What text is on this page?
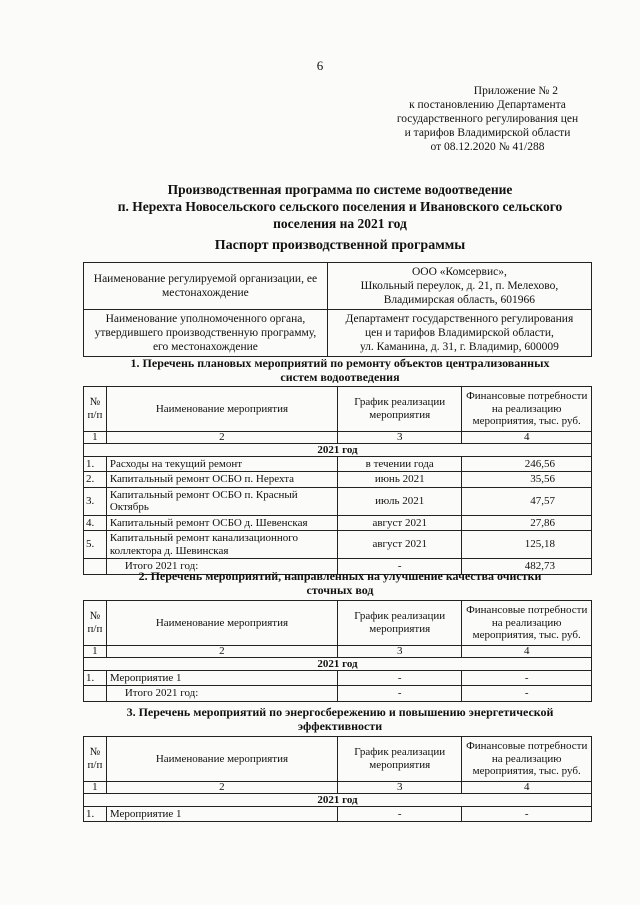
6
Приложение № 2
к постановлению Департамента
государственного регулирования цен
и тарифов Владимирской области
от 08.12.2020 № 41/288
Производственная программа по системе водоотведение
п. Нерехта Новосельского сельского поселения и Ивановского сельского
поселения на 2021 год
Паспорт производственной программы
Наименование регулируемой организации, ее
местонахождение	ООО «Комсервис»,
Школьный переулок, д. 21, п. Мелехово,
Владимирская область, 601966

Наименование уполномоченного органа,
утвердившего производственную программу,
его местонахождение	Департамент государственного регулирования
цен и тарифов Владимирской области,
ул. Каманина, д. 31, г. Владимир, 600009
1. Перечень плановых мероприятий по ремонту объектов централизованных
систем водоотведения
№
п/п	Наименование мероприятия	График реализации
мероприятия	Финансовые потребности
на реализацию
мероприятия, тыс. руб.

1	2	3	4
2021 год			
1.	Расходы на текущий ремонт	в течении года	246,56
2.	Капитальный ремонт ОСБО п. Нерехта	июнь 2021	35,56
3.	Капитальный ремонт ОСБО п. Красный
Октябрь	июль 2021	47,57
4.	Капитальный ремонт ОСБО д. Шевенская	август 2021	27,86
5.	Капитальный ремонт канализационного
коллектора д. Шевинская	август 2021	125,18
	Итого 2021 год:	-	482,73
2. Перечень мероприятий, направленных на улучшение качества очистки
сточных вод
№
п/п	Наименование мероприятия	График реализации
мероприятия	Финансовые потребности
на реализацию
мероприятия, тыс. руб.

1	2	3	4
2021 год			
1.	Мероприятие 1	-	-
	Итого 2021 год:	-	-
3. Перечень мероприятий по энергосбережению и повышению энергетической
эффективности
№
п/п	Наименование мероприятия	График реализации
мероприятия	Финансовые потребности
на реализацию
мероприятия, тыс. руб.

1	2	3	4
2021 год			
1.	Мероприятие 1	-	-
